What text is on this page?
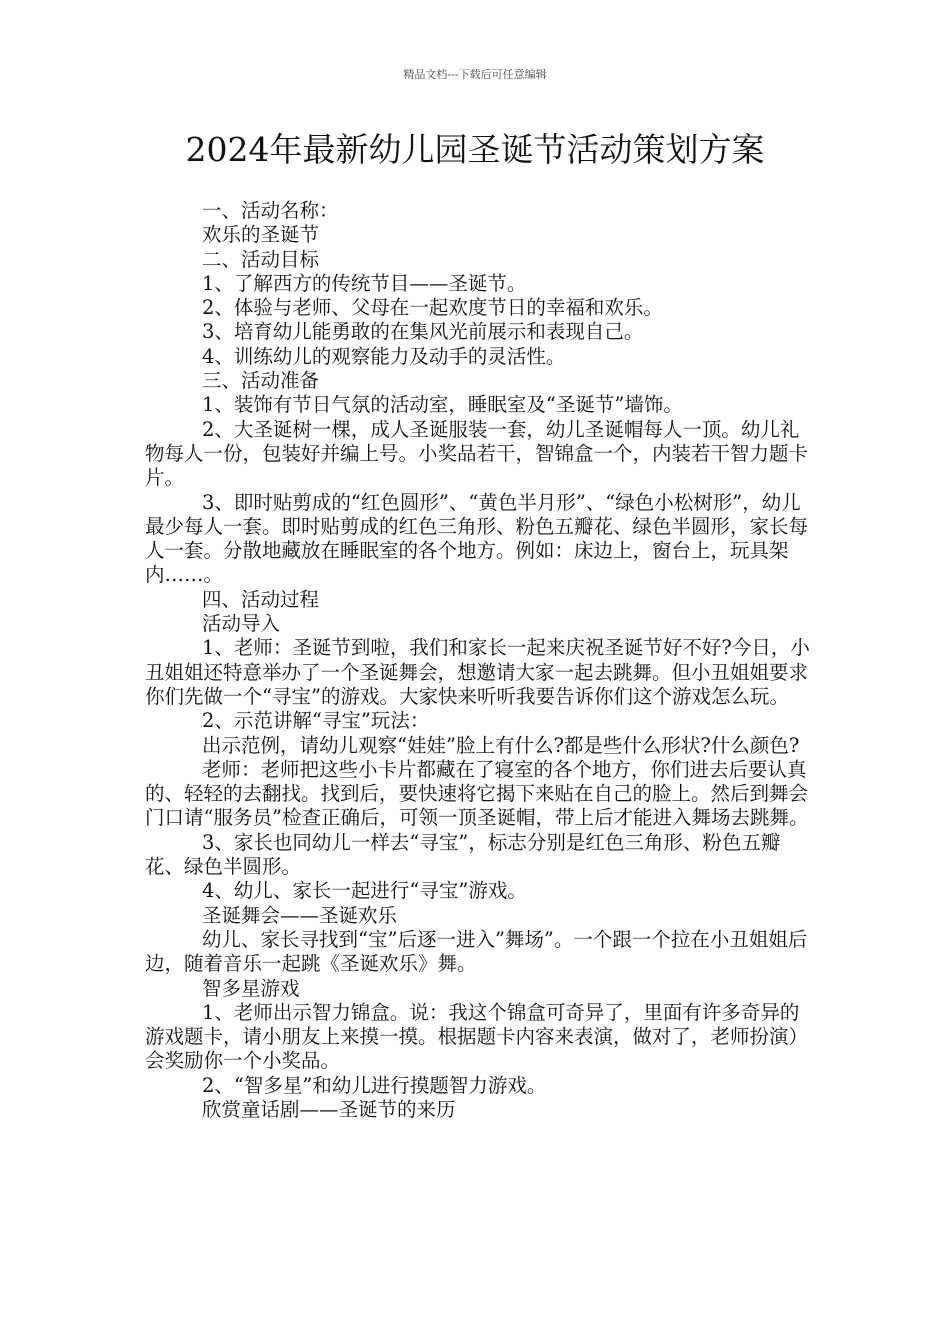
精品文档---下载后可任意编辑
2024年最新幼儿园圣诞节活动策划方案

一、活动名称：

欢乐的圣诞节

二、活动目标

1、了解西方的传统节目——圣诞节。

2、体验与老师、父母在一起欢度节日的幸福和欢乐。

3、培育幼儿能勇敢的在集风光前展示和表现自己。

4、训练幼儿的观察能力及动手的灵活性。

三、活动准备

1、装饰有节日气氛的活动室，睡眠室及“圣诞节”墙饰。

2、大圣诞树一棵，成人圣诞服装一套，幼儿圣诞帽每人一顶。幼儿礼物每人一份，包装好并编上号。小奖品若干，智锦盒一个，内装若干智力题卡片。

3、即时贴剪成的“红色圆形”、“黄色半月形”、“绿色小松树形”，幼儿最少每人一套。即时贴剪成的红色三角形、粉色五瓣花、绿色半圆形，家长每人一套。分散地藏放在睡眠室的各个地方。例如：床边上，窗台上，玩具架内……。

四、活动过程

活动导入

1、老师：圣诞节到啦，我们和家长一起来庆祝圣诞节好不好?今日，小丑姐姐还特意举办了一个圣诞舞会，想邀请大家一起去跳舞。但小丑姐姐要求你们先做一个“寻宝”的游戏。大家快来听听我要告诉你们这个游戏怎么玩。

2、示范讲解“寻宝”玩法：

出示范例，请幼儿观察“娃娃”脸上有什么?都是些什么形状?什么颜色?

老师：老师把这些小卡片都藏在了寝室的各个地方，你们进去后要认真的、轻轻的去翻找。找到后，要快速将它揭下来贴在自己的脸上。然后到舞会门口请“服务员”检查正确后，可领一顶圣诞帽，带上后才能进入舞场去跳舞。

3、家长也同幼儿一样去“寻宝”，标志分别是红色三角形、粉色五瓣花、绿色半圆形。

4、幼儿、家长一起进行“寻宝”游戏。

圣诞舞会——圣诞欢乐

幼儿、家长寻找到“宝”后逐一进入”舞场”。一个跟一个拉在小丑姐姐后边，随着音乐一起跳《圣诞欢乐》舞。

智多星游戏

1、老师出示智力锦盒。说：我这个锦盒可奇异了，里面有许多奇异的游戏题卡，请小朋友上来摸一摸。根据题卡内容来表演，做对了，老师扮演）会奖励你一个小奖品。

2、“智多星”和幼儿进行摸题智力游戏。

欣赏童话剧——圣诞节的来历
